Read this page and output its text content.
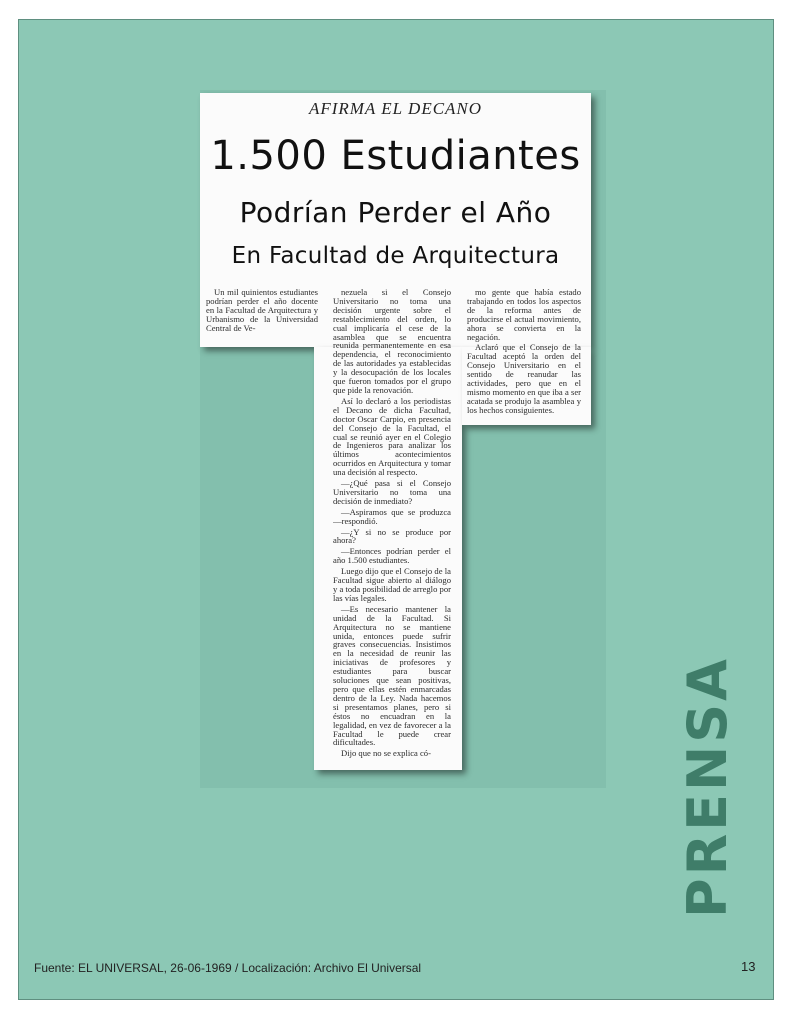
AFIRMA EL DECANO
1.500 Estudiantes
Podrían Perder el Año
En Facultad de Arquitectura

Un mil quinientos estudiantes podrían perder el año docente en la Facultad de Arquitectura y Urbanismo de la Universidad Central de Ve-

nezuela si el Consejo Universitario no toma una decisión urgente sobre el restablecimiento del orden, lo cual implicaría el cese de la asamblea que se encuentra reunida permanentemente en esa dependencia, el reconocimiento de las autoridades ya establecidas y la desocupación de los locales que fueron tomados por el grupo que pide la renovación.

Así lo declaró a los periodistas el Decano de dicha Facultad, doctor Oscar Carpio, en presencia del Consejo de la Facultad, el cual se reunió ayer en el Colegio de Ingenieros para analizar los últimos acontecimientos ocurridos en Arquitectura y tomar una decisión al respecto.

—¿Qué pasa si el Consejo Universitario no toma una decisión de inmediato?

—Aspiramos que se produzca —respondió.

—¿Y si no se produce por ahora?

—Entonces podrían perder el año 1.500 estudiantes.

Luego dijo que el Consejo de la Facultad sigue abierto al diálogo y a toda posibilidad de arreglo por las vías legales.

—Es necesario mantener la unidad de la Facultad. Si Arquitectura no se mantiene unida, entonces puede sufrir graves consecuencias. Insistimos en la necesidad de reunir las iniciativas de profesores y estudiantes para buscar soluciones que sean positivas, pero que ellas estén enmarcadas dentro de la Ley. Nada hacemos si presentamos planes, pero si éstos no encuadran en la legalidad, en vez de favorecer a la Facultad le puede crear dificultades.

Dijo que no se explica có-

mo gente que había estado trabajando en todos los aspectos de la reforma antes de producirse el actual movimiento, ahora se convierta en la negación.

Aclaró que el Consejo de la Facultad aceptó la orden del Consejo Universitario en el sentido de reanudar las actividades, pero que en el mismo momento en que iba a ser acatada se produjo la asamblea y los hechos consiguientes.

PRENSA
Fuente: EL UNIVERSAL, 26-06-1969 / Localización: Archivo El Universal	13
